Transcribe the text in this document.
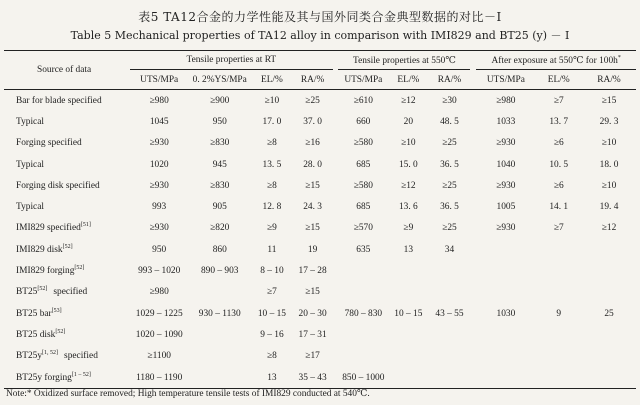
表5 TA12合金的力学性能及其与国外同类合金典型数据的对比－Ⅰ
Table 5 Mechanical properties of TA12 alloy in comparison with IMI829 and BT25 (y) － Ⅰ
Source of data		Tensile properties at RT					Tensile properties at 550℃				After exposure at 550℃ for 100h*
		UTS/MPa	0. 2%YS/MPa	EL/%	RA/%		UTS/MPa	EL/%	RA/%		UTS/MPa	EL/%	RA/%
Bar for blade specified		≥980	≥900	≥10	≥25		≥610	≥12	≥30		≥980	≥7	≥15
Typical		1045	950	17. 0	37. 0		660	20	48. 5		1033	13. 7	29. 3
Forging specified		≥930	≥830	≥8	≥16		≥580	≥10	≥25		≥930	≥6	≥10
Typical		1020	945	13. 5	28. 0		685	15. 0	36. 5		1040	10. 5	18. 0
Forging disk specified		≥930	≥830	≥8	≥15		≥580	≥12	≥25		≥930	≥6	≥10
Typical		993	905	12. 8	24. 3		685	13. 6	36. 5		1005	14. 1	19. 4
IMI829 specified[51]		≥930	≥820	≥9	≥15		≥570	≥9	≥25		≥930	≥7	≥12
IMI829 disk[52]		950	860	11	19		635	13	34				
IMI829 forging[52]		993 – 1020	890 – 903	8 – 10	17 – 28								
BT25[52] specified		≥980		≥7	≥15								
BT25 bar[53]		1029 – 1225	930 – 1130	10 – 15	20 – 30		780 – 830	10 – 15	43 – 55		1030	9	25
BT25 disk[52]		1020 – 1090		9 – 16	17 – 31								
BT25y[1, 52] specified		≥1100		≥8	≥17								
BT25y forging[1 – 52]		1180 – 1190		13	35 – 43		850 – 1000						
Note:* Oxidized surface removed; High temperature tensile tests of IMI829 conducted at 540℃.
